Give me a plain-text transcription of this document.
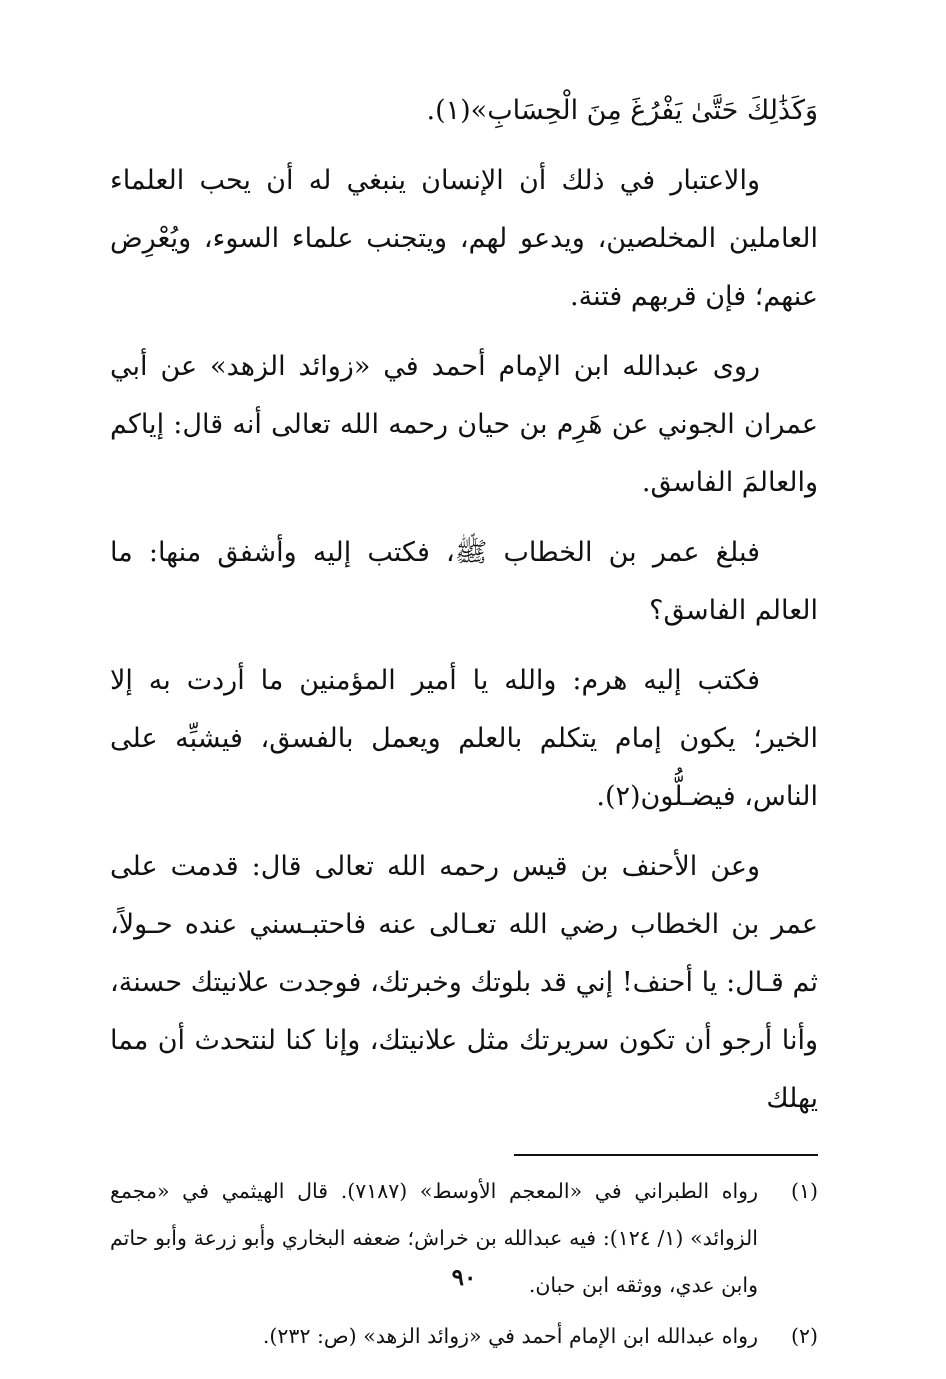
وَكَذَٰلِكَ حَتَّىٰ يَفْرُغَ مِنَ الْحِسَابِ»(١).

والاعتبار في ذلك أن الإنسان ينبغي له أن يحب العلماء العاملين المخلصين، ويدعو لهم، ويتجنب علماء السوء، ويُعْرِض عنهم؛ فإن قربهم فتنة.

روى عبدالله ابن الإمام أحمد في «زوائد الزهد» عن أبي عمران الجوني عن هَرِم بن حيان رحمه الله تعالى أنه قال: إياكم والعالمَ الفاسق.

فبلغ عمر بن الخطاب ﷺ، فكتب إليه وأشفق منها: ما العالم الفاسق؟

فكتب إليه هرم: والله يا أمير المؤمنين ما أردت به إلا الخير؛ يكون إمام يتكلم بالعلم ويعمل بالفسق، فيشبِّه على الناس، فيضـلُّون(٢).

وعن الأحنف بن قيس رحمه الله تعالى قال: قدمت على عمر بن الخطاب رضي الله تعـالى عنه فاحتبـسني عنده حـولاً، ثم قـال: يا أحنف! إني قد بلوتك وخبرتك، فوجدت علانيتك حسنة، وأنا أرجو أن تكون سريرتك مثل علانيتك، وإنا كنا لنتحدث أن مما يهلك

(١)
رواه الطبراني في «المعجم الأوسط» (٧١٨٧). قال الهيثمي في «مجمع الزوائد» (١/ ١٢٤): فيه عبدالله بن خراش؛ ضعفه البخاري وأبو زرعة وأبو حاتم وابن عدي، ووثقه ابن حبان.
(٢)
رواه عبدالله ابن الإمام أحمد في «زوائد الزهد» (ص: ٢٣٢).
٩٠
